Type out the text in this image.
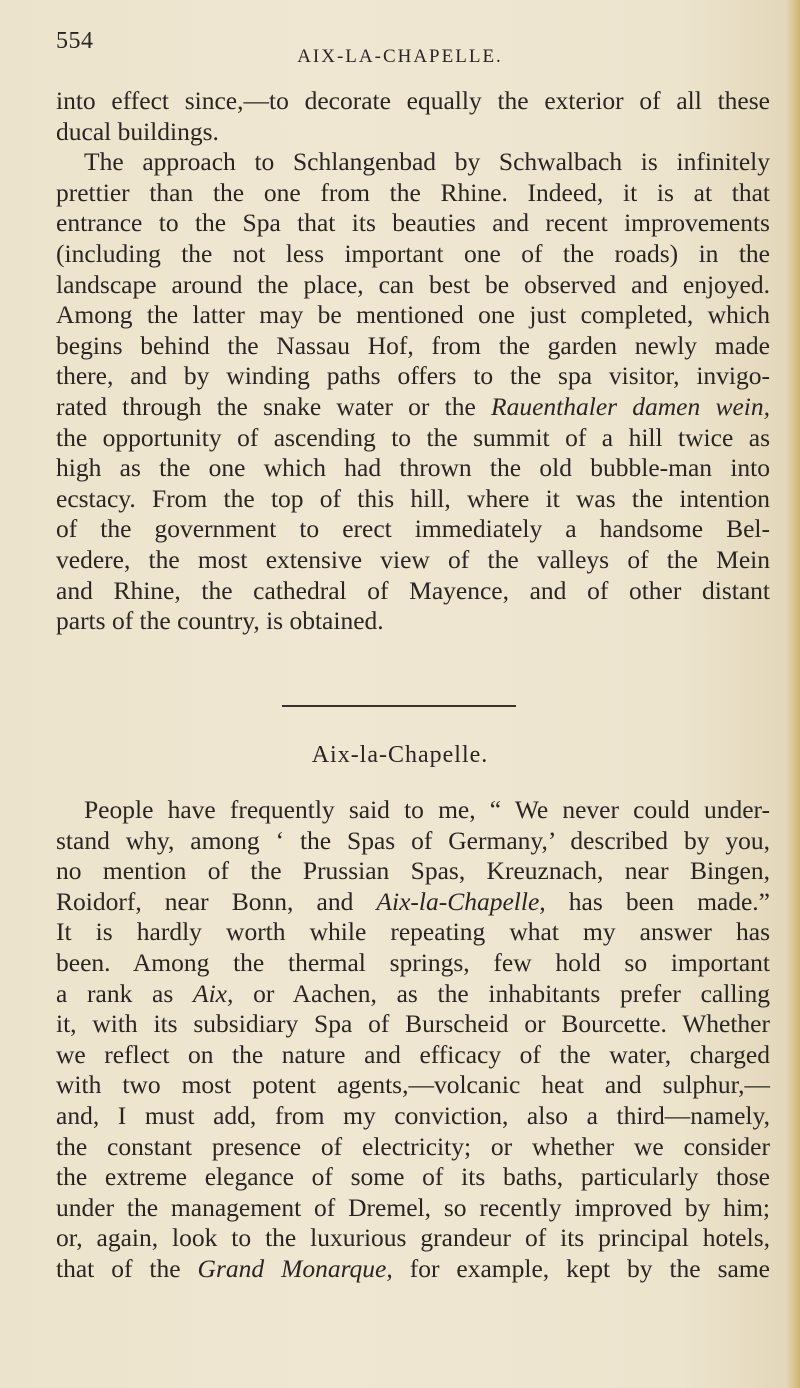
554
AIX-LA-CHAPELLE.

into effect since,—to decorate equally the exterior of all these
ducal buildings.

The approach to Schlangenbad by Schwalbach is infinitely
prettier than the one from the Rhine. Indeed, it is at that
entrance to the Spa that its beauties and recent improvements
(including the not less important one of the roads) in the
landscape around the place, can best be observed and enjoyed.
Among the latter may be mentioned one just completed, which
begins behind the Nassau Hof, from the garden newly made
there, and by winding paths offers to the spa visitor, invigo-
rated through the snake water or the Rauenthaler damen wein,
the opportunity of ascending to the summit of a hill twice as
high as the one which had thrown the old bubble-man into
ecstacy. From the top of this hill, where it was the intention
of the government to erect immediately a handsome Bel-
vedere, the most extensive view of the valleys of the Mein
and Rhine, the cathedral of Mayence, and of other distant
parts of the country, is obtained.

Aix-la-Chapelle.

People have frequently said to me, “ We never could under-
stand why, among ‘ the Spas of Germany,’ described by you,
no mention of the Prussian Spas, Kreuznach, near Bingen,
Roidorf, near Bonn, and Aix-la-Chapelle, has been made.”
It is hardly worth while repeating what my answer has
been. Among the thermal springs, few hold so important
a rank as Aix, or Aachen, as the inhabitants prefer calling
it, with its subsidiary Spa of Burscheid or Bourcette. Whether
we reflect on the nature and efficacy of the water, charged
with two most potent agents,—volcanic heat and sulphur,—
and, I must add, from my conviction, also a third—namely,
the constant presence of electricity; or whether we consider
the extreme elegance of some of its baths, particularly those
under the management of Dremel, so recently improved by him;
or, again, look to the luxurious grandeur of its principal hotels,
that of the Grand Monarque, for example, kept by the same
